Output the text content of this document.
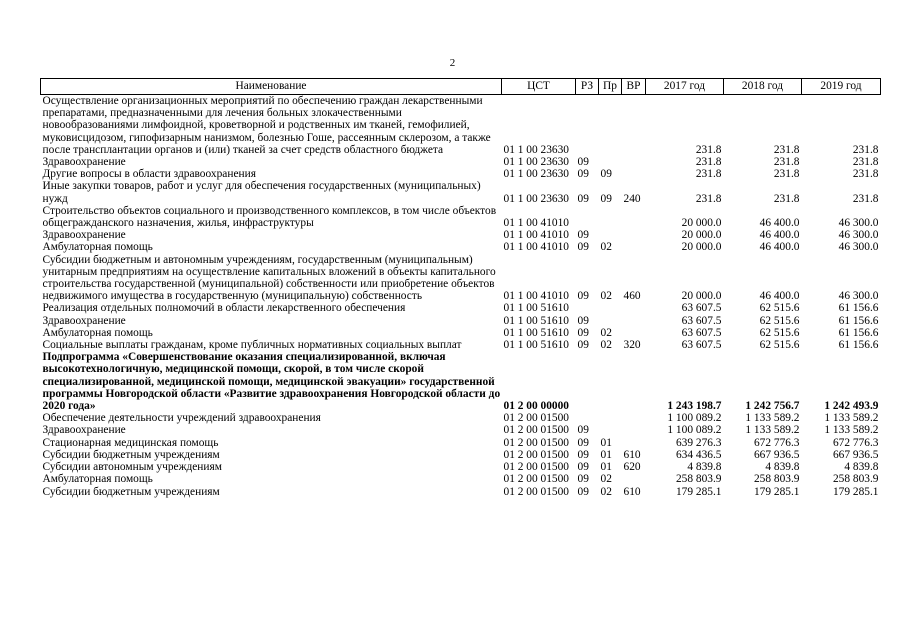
2
Наименование	ЦСТ	РЗ	Пр	ВР	2017 год	2018 год	2019 год
Осуществление организационных мероприятий по обеспечению граждан лекарственными препаратами, предназначенными для лечения больных злокачественными новообразованиями лимфоидной, кроветворной и родственных им тканей, гемофилией, муковисцидозом, гипофизарным нанизмом, болезнью Гоше, рассеянным склерозом, а также после трансплантации органов и (или) тканей за счет средств областного бюджета	01 1 00 23630				231.8	231.8	231.8
Здравоохранение	01 1 00 23630	09			231.8	231.8	231.8
Другие вопросы в области здравоохранения	01 1 00 23630	09	09		231.8	231.8	231.8
Иные закупки товаров, работ и услуг для обеспечения государственных (муниципальных) нужд	01 1 00 23630	09	09	240	231.8	231.8	231.8
Строительство объектов социального и производственного комплексов, в том числе объектов общегражданского назначения, жилья, инфраструктуры	01 1 00 41010				20 000.0	46 400.0	46 300.0
Здравоохранение	01 1 00 41010	09			20 000.0	46 400.0	46 300.0
Амбулаторная помощь	01 1 00 41010	09	02		20 000.0	46 400.0	46 300.0
Субсидии бюджетным и автономным учреждениям, государственным (муниципальным) унитарным предприятиям на осуществление капитальных вложений в объекты капитального строительства государственной (муниципальной) собственности или приобретение объектов недвижимого имущества в государственную (муниципальную) собственность	01 1 00 41010	09	02	460	20 000.0	46 400.0	46 300.0
Реализация отдельных полномочий в области лекарственного обеспечения	01 1 00 51610				63 607.5	62 515.6	61 156.6
Здравоохранение	01 1 00 51610	09			63 607.5	62 515.6	61 156.6
Амбулаторная помощь	01 1 00 51610	09	02		63 607.5	62 515.6	61 156.6
Социальные выплаты гражданам, кроме публичных нормативных социальных выплат	01 1 00 51610	09	02	320	63 607.5	62 515.6	61 156.6
Подпрограмма «Совершенствование оказания специализированной, включая высокотехнологичную, медицинской помощи, скорой, в том числе скорой специализированной, медицинской помощи, медицинской эвакуации» государственной программы Новгородской области «Развитие здравоохранения Новгородской области до 2020 года»	01 2 00 00000				1 243 198.7	1 242 756.7	1 242 493.9
Обеспечение деятельности учреждений здравоохранения	01 2 00 01500				1 100 089.2	1 133 589.2	1 133 589.2
Здравоохранение	01 2 00 01500	09			1 100 089.2	1 133 589.2	1 133 589.2
Стационарная медицинская помощь	01 2 00 01500	09	01		639 276.3	672 776.3	672 776.3
Субсидии бюджетным учреждениям	01 2 00 01500	09	01	610	634 436.5	667 936.5	667 936.5
Субсидии автономным учреждениям	01 2 00 01500	09	01	620	4 839.8	4 839.8	4 839.8
Амбулаторная помощь	01 2 00 01500	09	02		258 803.9	258 803.9	258 803.9
Субсидии бюджетным учреждениям	01 2 00 01500	09	02	610	179 285.1	179 285.1	179 285.1
